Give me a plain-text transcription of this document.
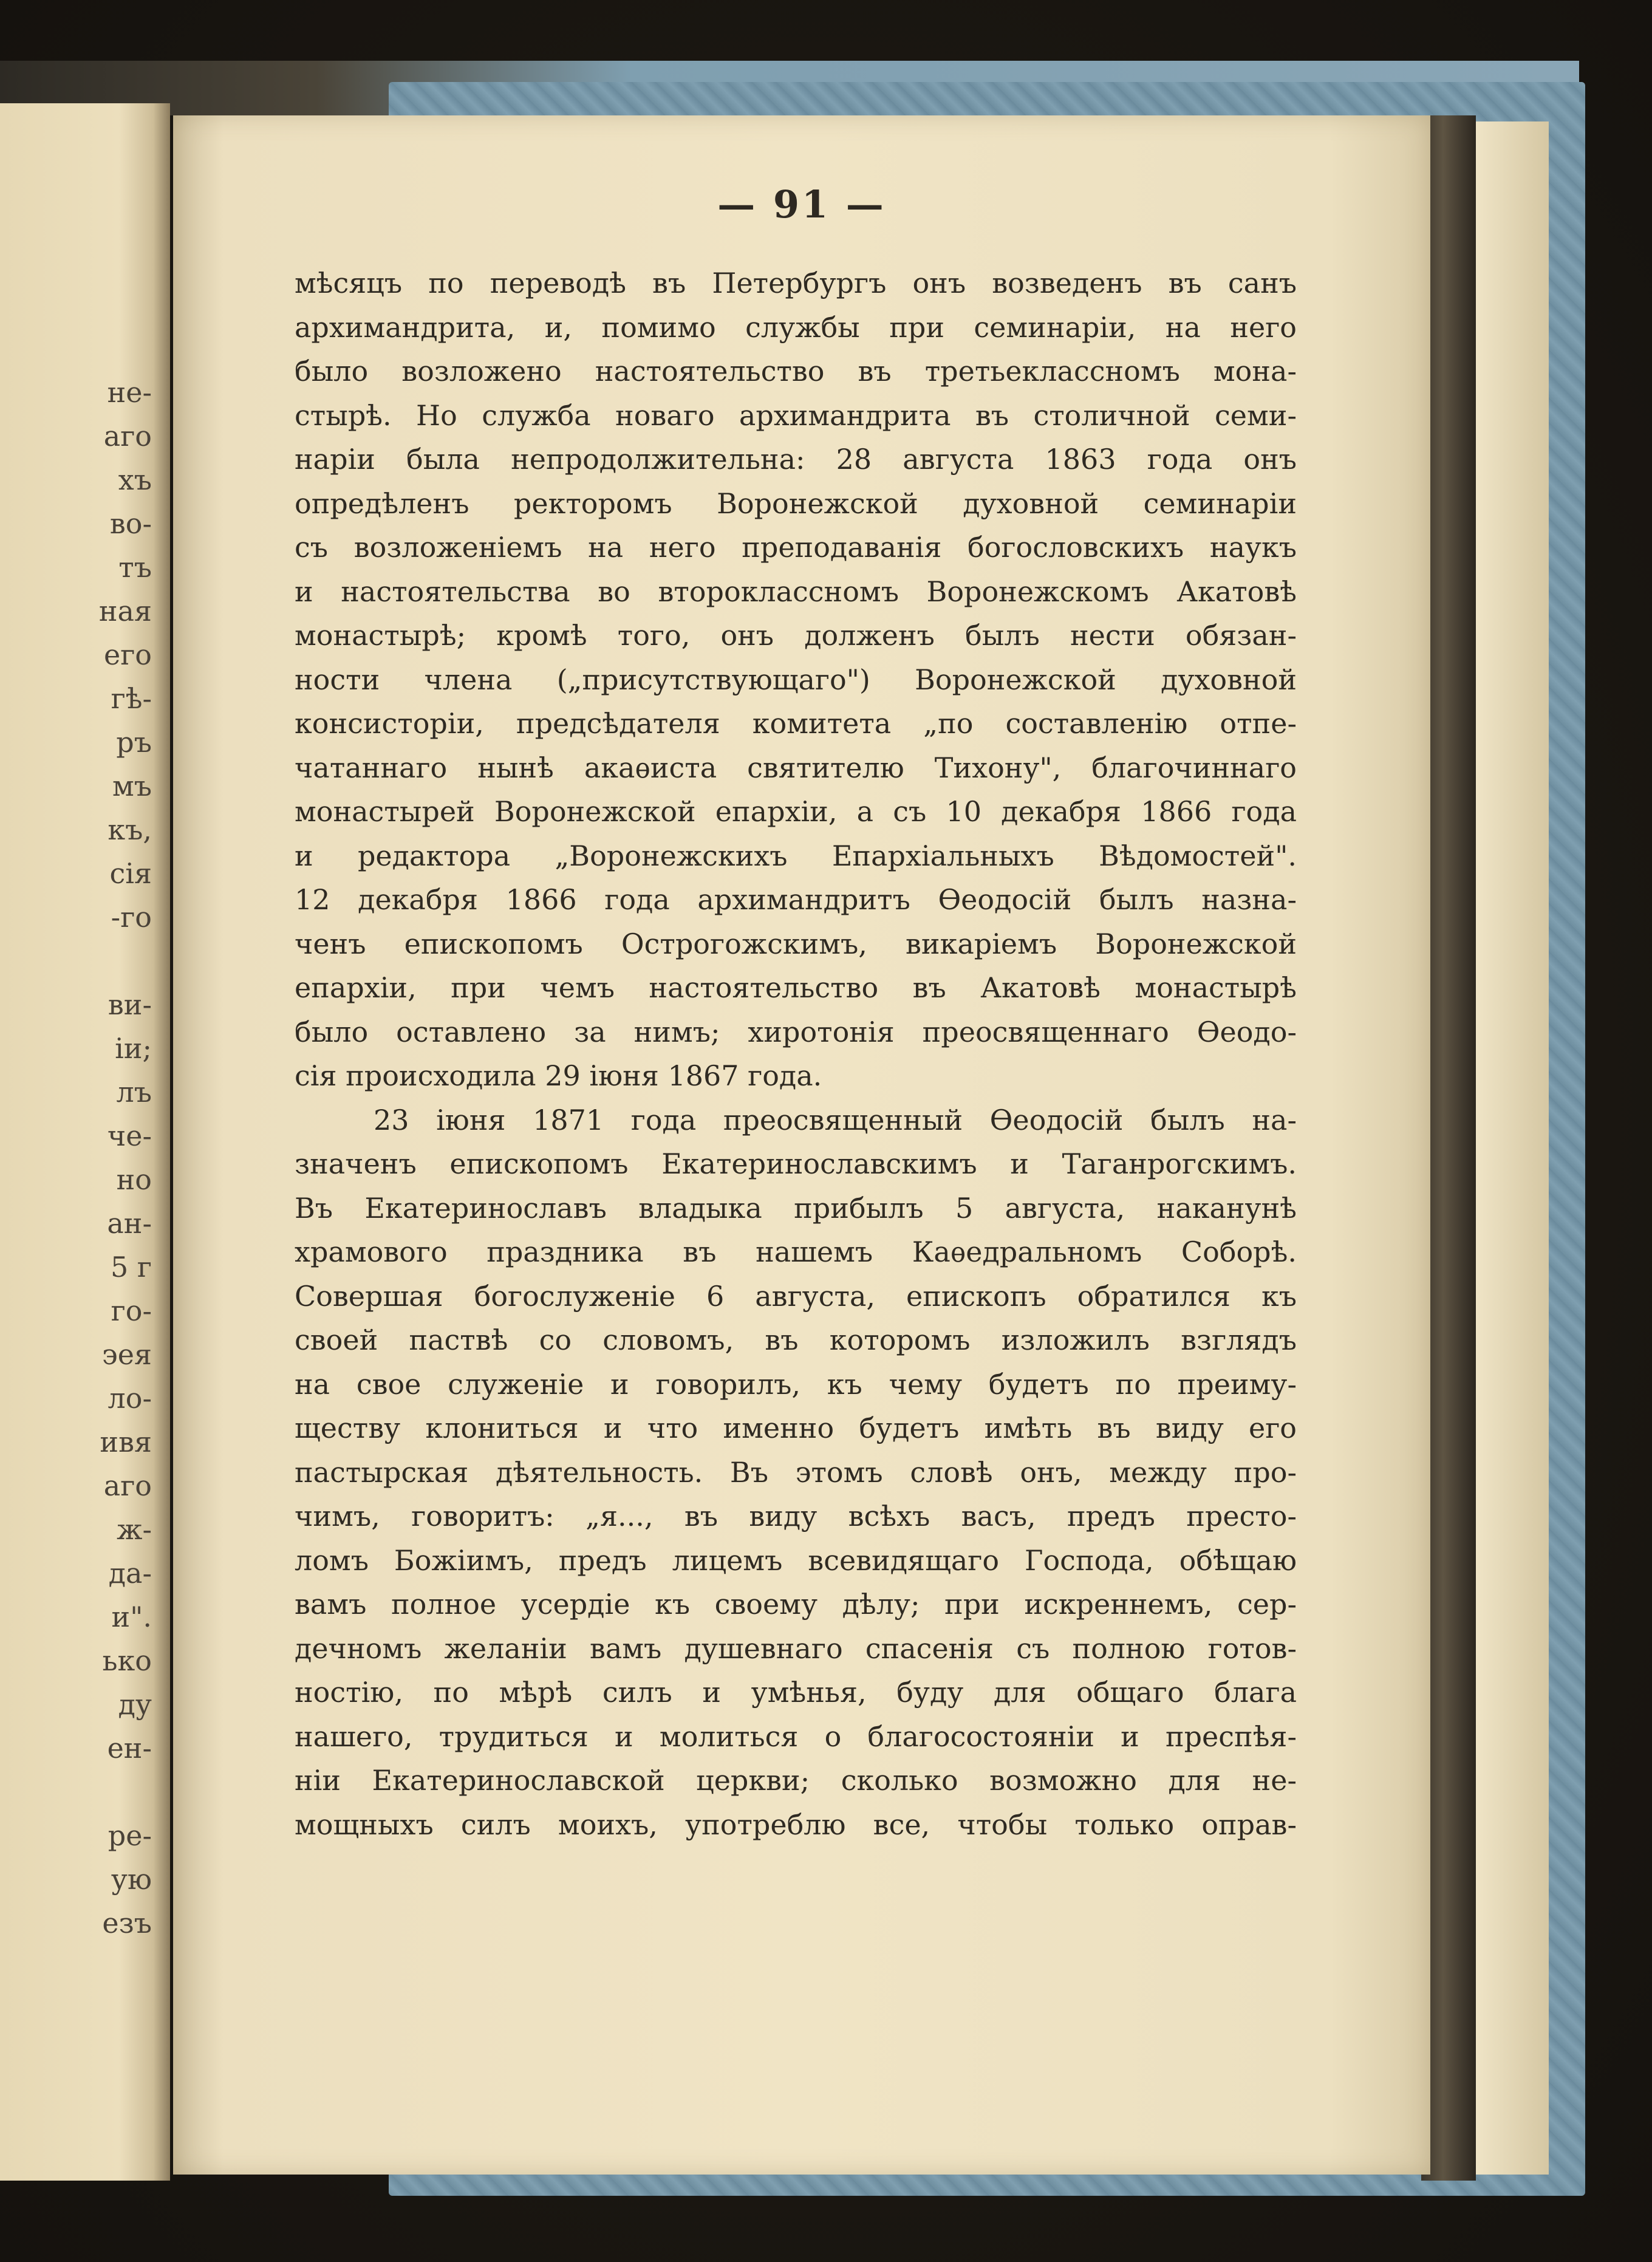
не-
аго
хъ
во-
тъ
ная
его
гѣ-
ръ
мъ
къ,
сія
-го
ви-
іи;
лъ
че-
но
ан-
5 г
го-
эея
ло-
ивя
аго
ж-
да-
и".
ько
ду
ен-
ре-
ую
езъ
— 91 —
мѣсяцъ по переводѣ въ Петербургъ онъ возведенъ въ санъ
архимандрита, и, помимо службы при семинаріи, на него
было возложено настоятельство въ третьеклассномъ мона-
стырѣ. Но служба новаго архимандрита въ столичной семи-
наріи была непродолжительна: 28 августа 1863 года онъ
опредѣленъ ректоромъ Воронежской духовной семинаріи
съ возложеніемъ на него преподаванія богословскихъ наукъ
и настоятельства во второклассномъ Воронежскомъ Акатовѣ
монастырѣ; кромѣ того, онъ долженъ былъ нести обязан-
ности члена („присутствующаго") Воронежской духовной
консисторіи, предсѣдателя комитета „по составленію отпе-
чатаннаго нынѣ акаѳиста святителю Тихону", благочиннаго
монастырей Воронежской епархіи, а съ 10 декабря 1866 года
и редактора „Воронежскихъ Епархіальныхъ Вѣдомостей".
12 декабря 1866 года архимандритъ Ѳеодосій былъ назна-
ченъ епископомъ Острогожскимъ, викаріемъ Воронежской
епархіи, при чемъ настоятельство въ Акатовѣ монастырѣ
было оставлено за нимъ; хиротонія преосвященнаго Ѳеодо-
сія происходила 29 іюня 1867 года.
23 іюня 1871 года преосвященный Ѳеодосій былъ на-
значенъ епископомъ Екатеринославскимъ и Таганрогскимъ.
Въ Екатеринославъ владыка прибылъ 5 августа, наканунѣ
храмового праздника въ нашемъ Каѳедральномъ Соборѣ.
Совершая богослуженіе 6 августа, епископъ обратился къ
своей паствѣ со словомъ, въ которомъ изложилъ взглядъ
на свое служеніе и говорилъ, къ чему будетъ по преиму-
ществу клониться и что именно будетъ имѣть въ виду его
пастырская дѣятельность. Въ этомъ словѣ онъ, между про-
чимъ, говоритъ: „я..., въ виду всѣхъ васъ, предъ престо-
ломъ Божіимъ, предъ лицемъ всевидящаго Господа, обѣщаю
вамъ полное усердіе къ своему дѣлу; при искреннемъ, сер-
дечномъ желаніи вамъ душевнаго спасенія съ полною готов-
ностію, по мѣрѣ силъ и умѣнья, буду для общаго блага
нашего, трудиться и молиться о благосостояніи и преспѣя-
ніи Екатеринославской церкви; сколько возможно для не-
мощныхъ силъ моихъ, употреблю все, чтобы только оправ-
